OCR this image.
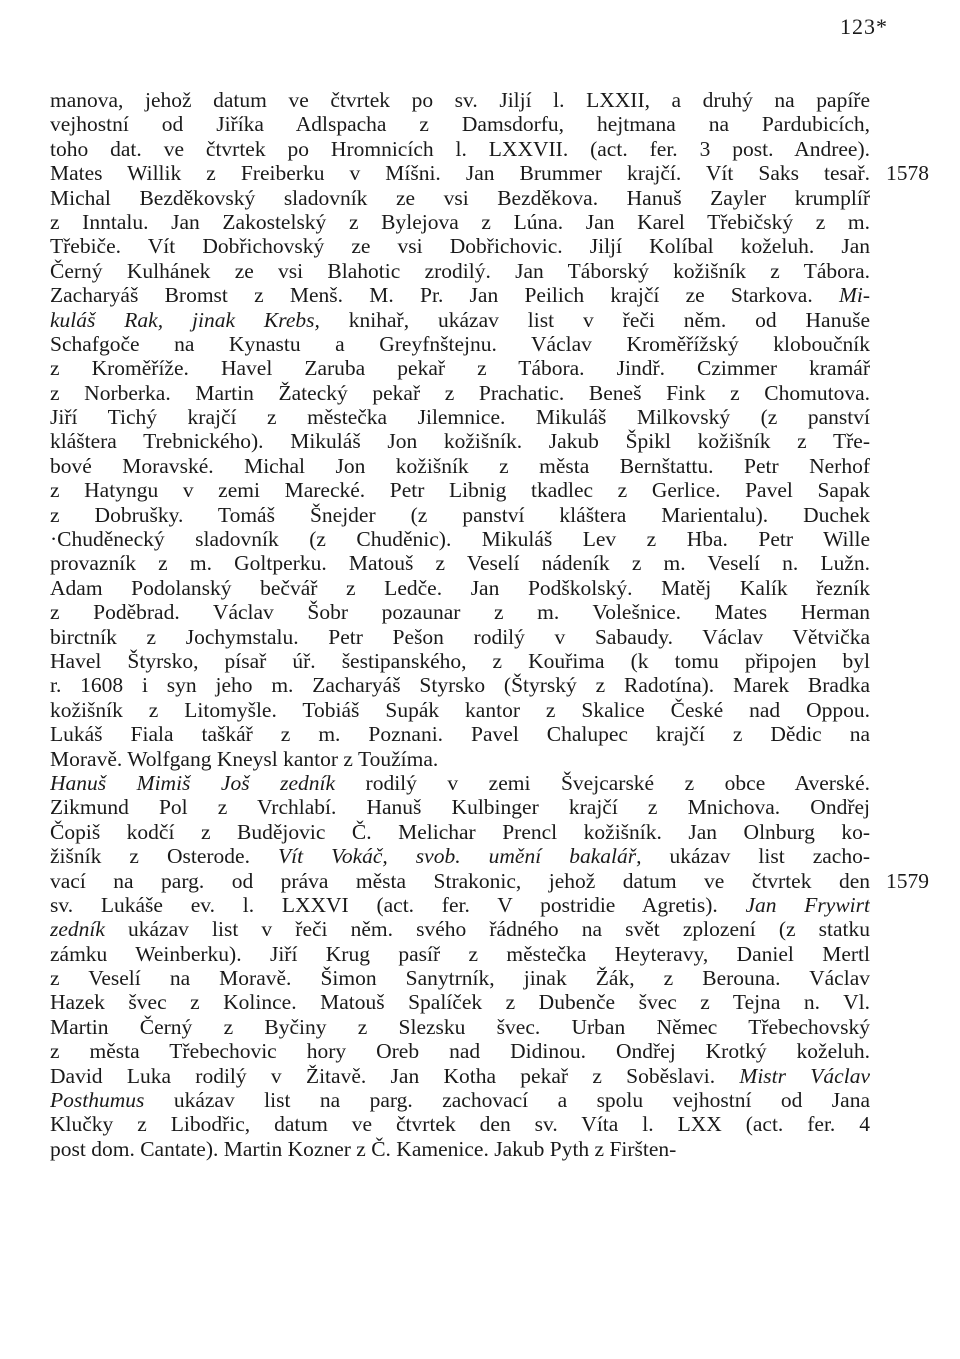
123*
manova, jehož datum ve čtvrtek po sv. Jiljí l. LXXII, a druhý na papíře
vejhostní od Jiříka Adlspacha z Damsdorfu, hejtmana na Pardubicích,
toho dat. ve čtvrtek po Hromnicích l. LXXVII. (act. fer. 3 post. Andree).
Mates Willik z Freiberku v Míšni. Jan Brummer krajčí. Vít Saks tesař.
Michal Bezděkovský sladovník ze vsi Bezděkova. Hanuš Zayler krumplíř
z Inntalu. Jan Zakostelský z Bylejova z Lúna. Jan Karel Třebičský z m.
Třebiče. Vít Dobřichovský ze vsi Dobřichovic. Jiljí Kolíbal koželuh. Jan
Černý Kulhánek ze vsi Blahotic zrodilý. Jan Táborský kožišník z Tábora.
Zacharyáš Bromst z Menš. M. Pr. Jan Peilich krajčí ze Starkova. Mi-
kuláš Rak, jinak Krebs, knihař, ukázav list v řeči něm. od Hanuše
Schafgoče na Kynastu a Greyfnštejnu. Václav Kroměřížský kloboučník
z Kroměříže. Havel Zaruba pekař z Tábora. Jindř. Czimmer kramář
z Norberka. Martin Žatecký pekař z Prachatic. Beneš Fink z Chomutova.
Jiří Tichý krajčí z městečka Jilemnice. Mikuláš Milkovský (z panství
kláštera Trebnického). Mikuláš Jon kožišník. Jakub Špikl kožišník z Tře-
bové Moravské. Michal Jon kožišník z města Bernštattu. Petr Nerhof
z Hatyngu v zemi Marecké. Petr Libnig tkadlec z Gerlice. Pavel Sapak
z Dobrušky. Tomáš Šnejder (z panství kláštera Marientalu). Duchek
·Chuděnecký sladovník (z Chuděnic). Mikuláš Lev z Hba. Petr Wille
provazník z m. Goltperku. Matouš z Veselí nádeník z m. Veselí n. Lužn.
Adam Podolanský bečvář z Ledče. Jan Podškolský. Matěj Kalík řezník
z Poděbrad. Václav Šobr pozaunar z m. Volešnice. Mates Herman
birctník z Jochymstalu. Petr Pešon rodilý v Sabaudy. Václav Větvička
Havel Štyrsko, písař úř. šestipanského, z Kouřima (k tomu připojen byl
r. 1608 i syn jeho m. Zacharyáš Styrsko (Štyrský z Radotína). Marek Bradka
kožišník z Litomyšle. Tobiáš Supák kantor z Skalice České nad Oppou.
Lukáš Fiala taškář z m. Poznani. Pavel Chalupec krajčí z Dědic na
Moravě. Wolfgang Kneysl kantor z Toužíma.
Hanuš Mimiš Još zedník rodilý v zemi Švejcarské z obce Averské.
Zikmund Pol z Vrchlabí. Hanuš Kulbinger krajčí z Mnichova. Ondřej
Čopiš kodčí z Budějovic Č. Melichar Prencl kožišník. Jan Olnburg ko-
žišník z Osterode. Vít Vokáč, svob. umění bakalář, ukázav list zacho-
vací na parg. od práva města Strakonic, jehož datum ve čtvrtek den
sv. Lukáše ev. l. LXXVI (act. fer. V postridie Agretis). Jan Frywirt
zedník ukázav list v řeči něm. svého řádného na svět zplození (z statku
zámku Weinberku). Jiří Krug pasíř z městečka Heyteravy, Daniel Mertl
z Veselí na Moravě. Šimon Sanytrník, jinak Žák, z Berouna. Václav
Hazek švec z Kolince. Matouš Spalíček z Dubenče švec z Tejna n. Vl.
Martin Černý z Byčiny z Slezsku švec. Urban Němec Třebechovský
z města Třebechovic hory Oreb nad Didinou. Ondřej Krotký koželuh.
David Luka rodilý v Žitavě. Jan Kotha pekař z Soběslavi. Mistr Václav
Posthumus ukázav list na parg. zachovací a spolu vejhostní od Jana
Klučky z Libodřic, datum ve čtvrtek den sv. Víta l. LXX (act. fer. 4
post dom. Cantate). Martin Kozner z Č. Kamenice. Jakub Pyth z Firšten-
1578
1579
